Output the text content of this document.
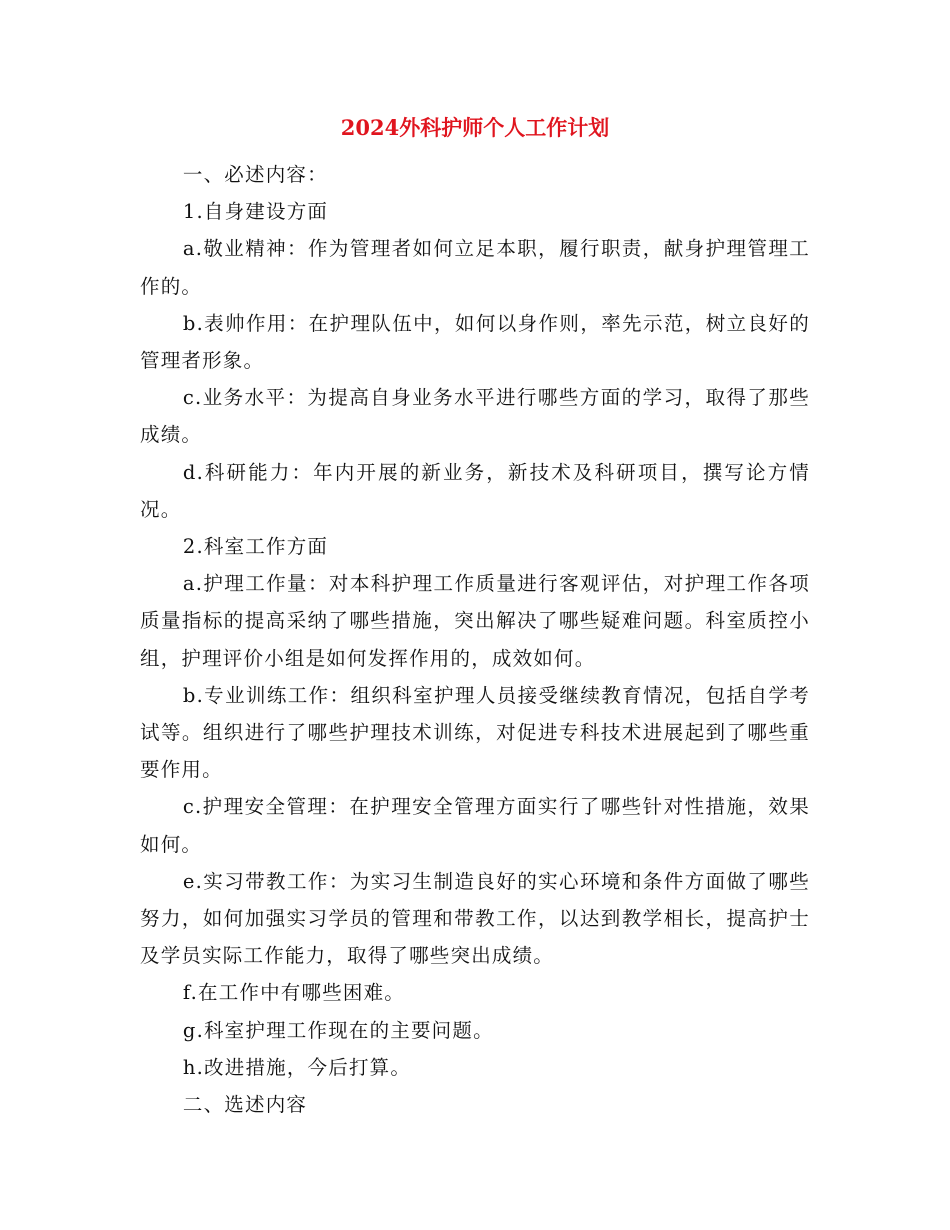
2024外科护师个人工作计划

一、必述内容：

1.自身建设方面

a.敬业精神：作为管理者如何立足本职，履行职责，献身护理管理工作的。

b.表帅作用：在护理队伍中，如何以身作则，率先示范，树立良好的管理者形象。

c.业务水平：为提高自身业务水平进行哪些方面的学习，取得了那些成绩。

d.科研能力：年内开展的新业务，新技术及科研项目，撰写论方情况。

2.科室工作方面

a.护理工作量：对本科护理工作质量进行客观评估，对护理工作各项质量指标的提高采纳了哪些措施，突出解决了哪些疑难问题。科室质控小组，护理评价小组是如何发挥作用的，成效如何。

b.专业训练工作：组织科室护理人员接受继续教育情况，包括自学考试等。组织进行了哪些护理技术训练，对促进专科技术进展起到了哪些重要作用。

c.护理安全管理：在护理安全管理方面实行了哪些针对性措施，效果如何。

e.实习带教工作：为实习生制造良好的实心环境和条件方面做了哪些努力，如何加强实习学员的管理和带教工作，以达到教学相长，提高护士及学员实际工作能力，取得了哪些突出成绩。

f.在工作中有哪些困难。

g.科室护理工作现在的主要问题。

h.改进措施，今后打算。

二、选述内容
